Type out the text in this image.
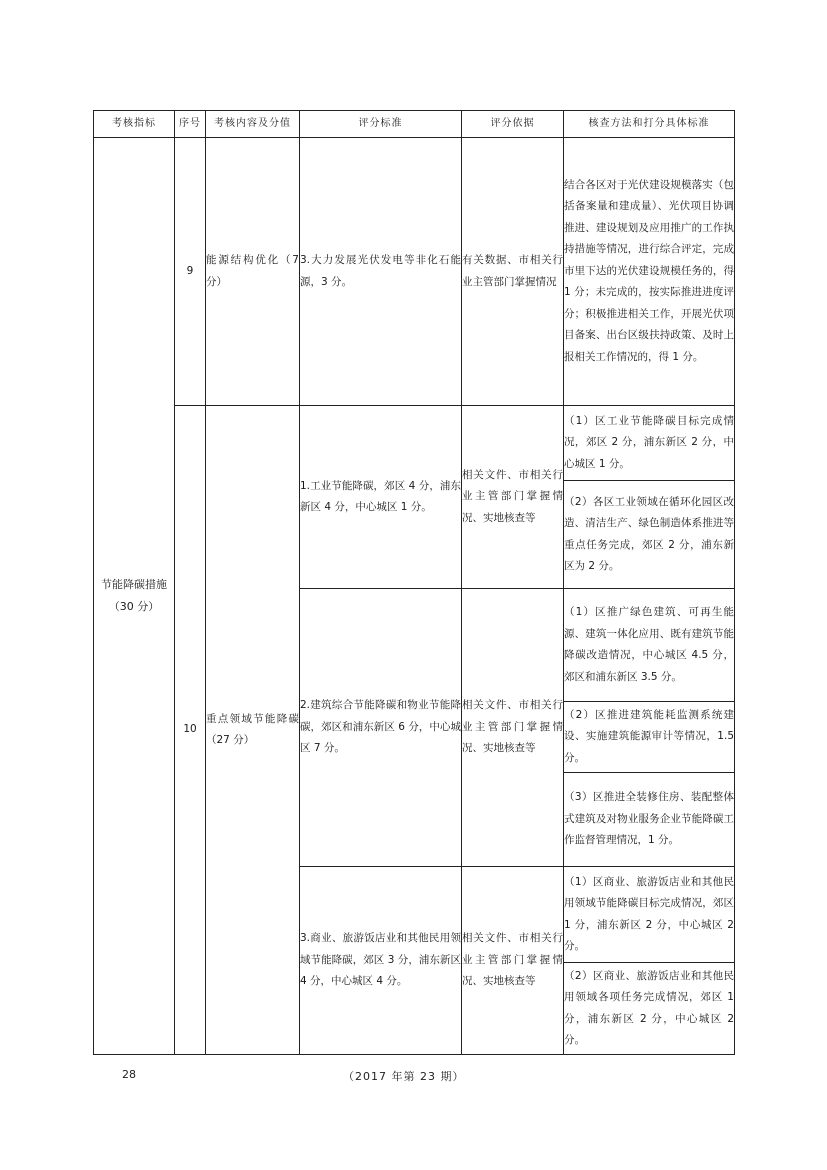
考核指标	序号	考核内容及分值	评分标准	评分依据	核查方法和打分具体标准
节能降碳措施（30 分）	9	能源结构优化（7 分）	3.大力发展光伏发电等非化石能源，3 分。	有关数据、市相关行业主管部门掌握情况	结合各区对于光伏建设规模落实（包括备案量和建成量）、光伏项目协调推进、建设规划及应用推广的工作执持措施等情况，进行综合评定，完成市里下达的光伏建设规模任务的，得 1 分；未完成的，按实际推进进度评分；积极推进相关工作，开展光伏项目备案、出台区级扶持政策、及时上报相关工作情况的，得 1 分。
	10	重点领域节能降碳（27 分）	1.工业节能降碳，郊区 4 分，浦东新区 4 分，中心城区 1 分。	相关文件、市相关行业主管部门掌握情况、实地核查等	（1）区工业节能降碳目标完成情况，郊区 2 分，浦东新区 2 分，中心城区 1 分。
					（2）各区工业领域在循环化园区改造、清洁生产、绿色制造体系推进等重点任务完成，郊区 2 分，浦东新区为 2 分。
			2.建筑综合节能降碳和物业节能降碳，郊区和浦东新区 6 分，中心城区 7 分。	相关文件、市相关行业主管部门掌握情况、实地核查等	（1）区推广绿色建筑、可再生能源、建筑一体化应用、既有建筑节能降碳改造情况，中心城区 4.5 分，郊区和浦东新区 3.5 分。
					（2）区推进建筑能耗监测系统建设、实施建筑能源审计等情况，1.5 分。
					（3）区推进全装修住房、装配整体式建筑及对物业服务企业节能降碳工作监督管理情况，1 分。
			3.商业、旅游饭店业和其他民用领域节能降碳，郊区 3 分，浦东新区 4 分，中心城区 4 分。	相关文件、市相关行业主管部门掌握情况、实地核查等	（1）区商业、旅游饭店业和其他民用领域节能降碳目标完成情况，郊区 1 分，浦东新区 2 分，中心城区 2 分。
					（2）区商业、旅游饭店业和其他民用领域各项任务完成情况，郊区 1 分，浦东新区 2 分，中心城区 2 分。
28	（2017 年第 23 期）
